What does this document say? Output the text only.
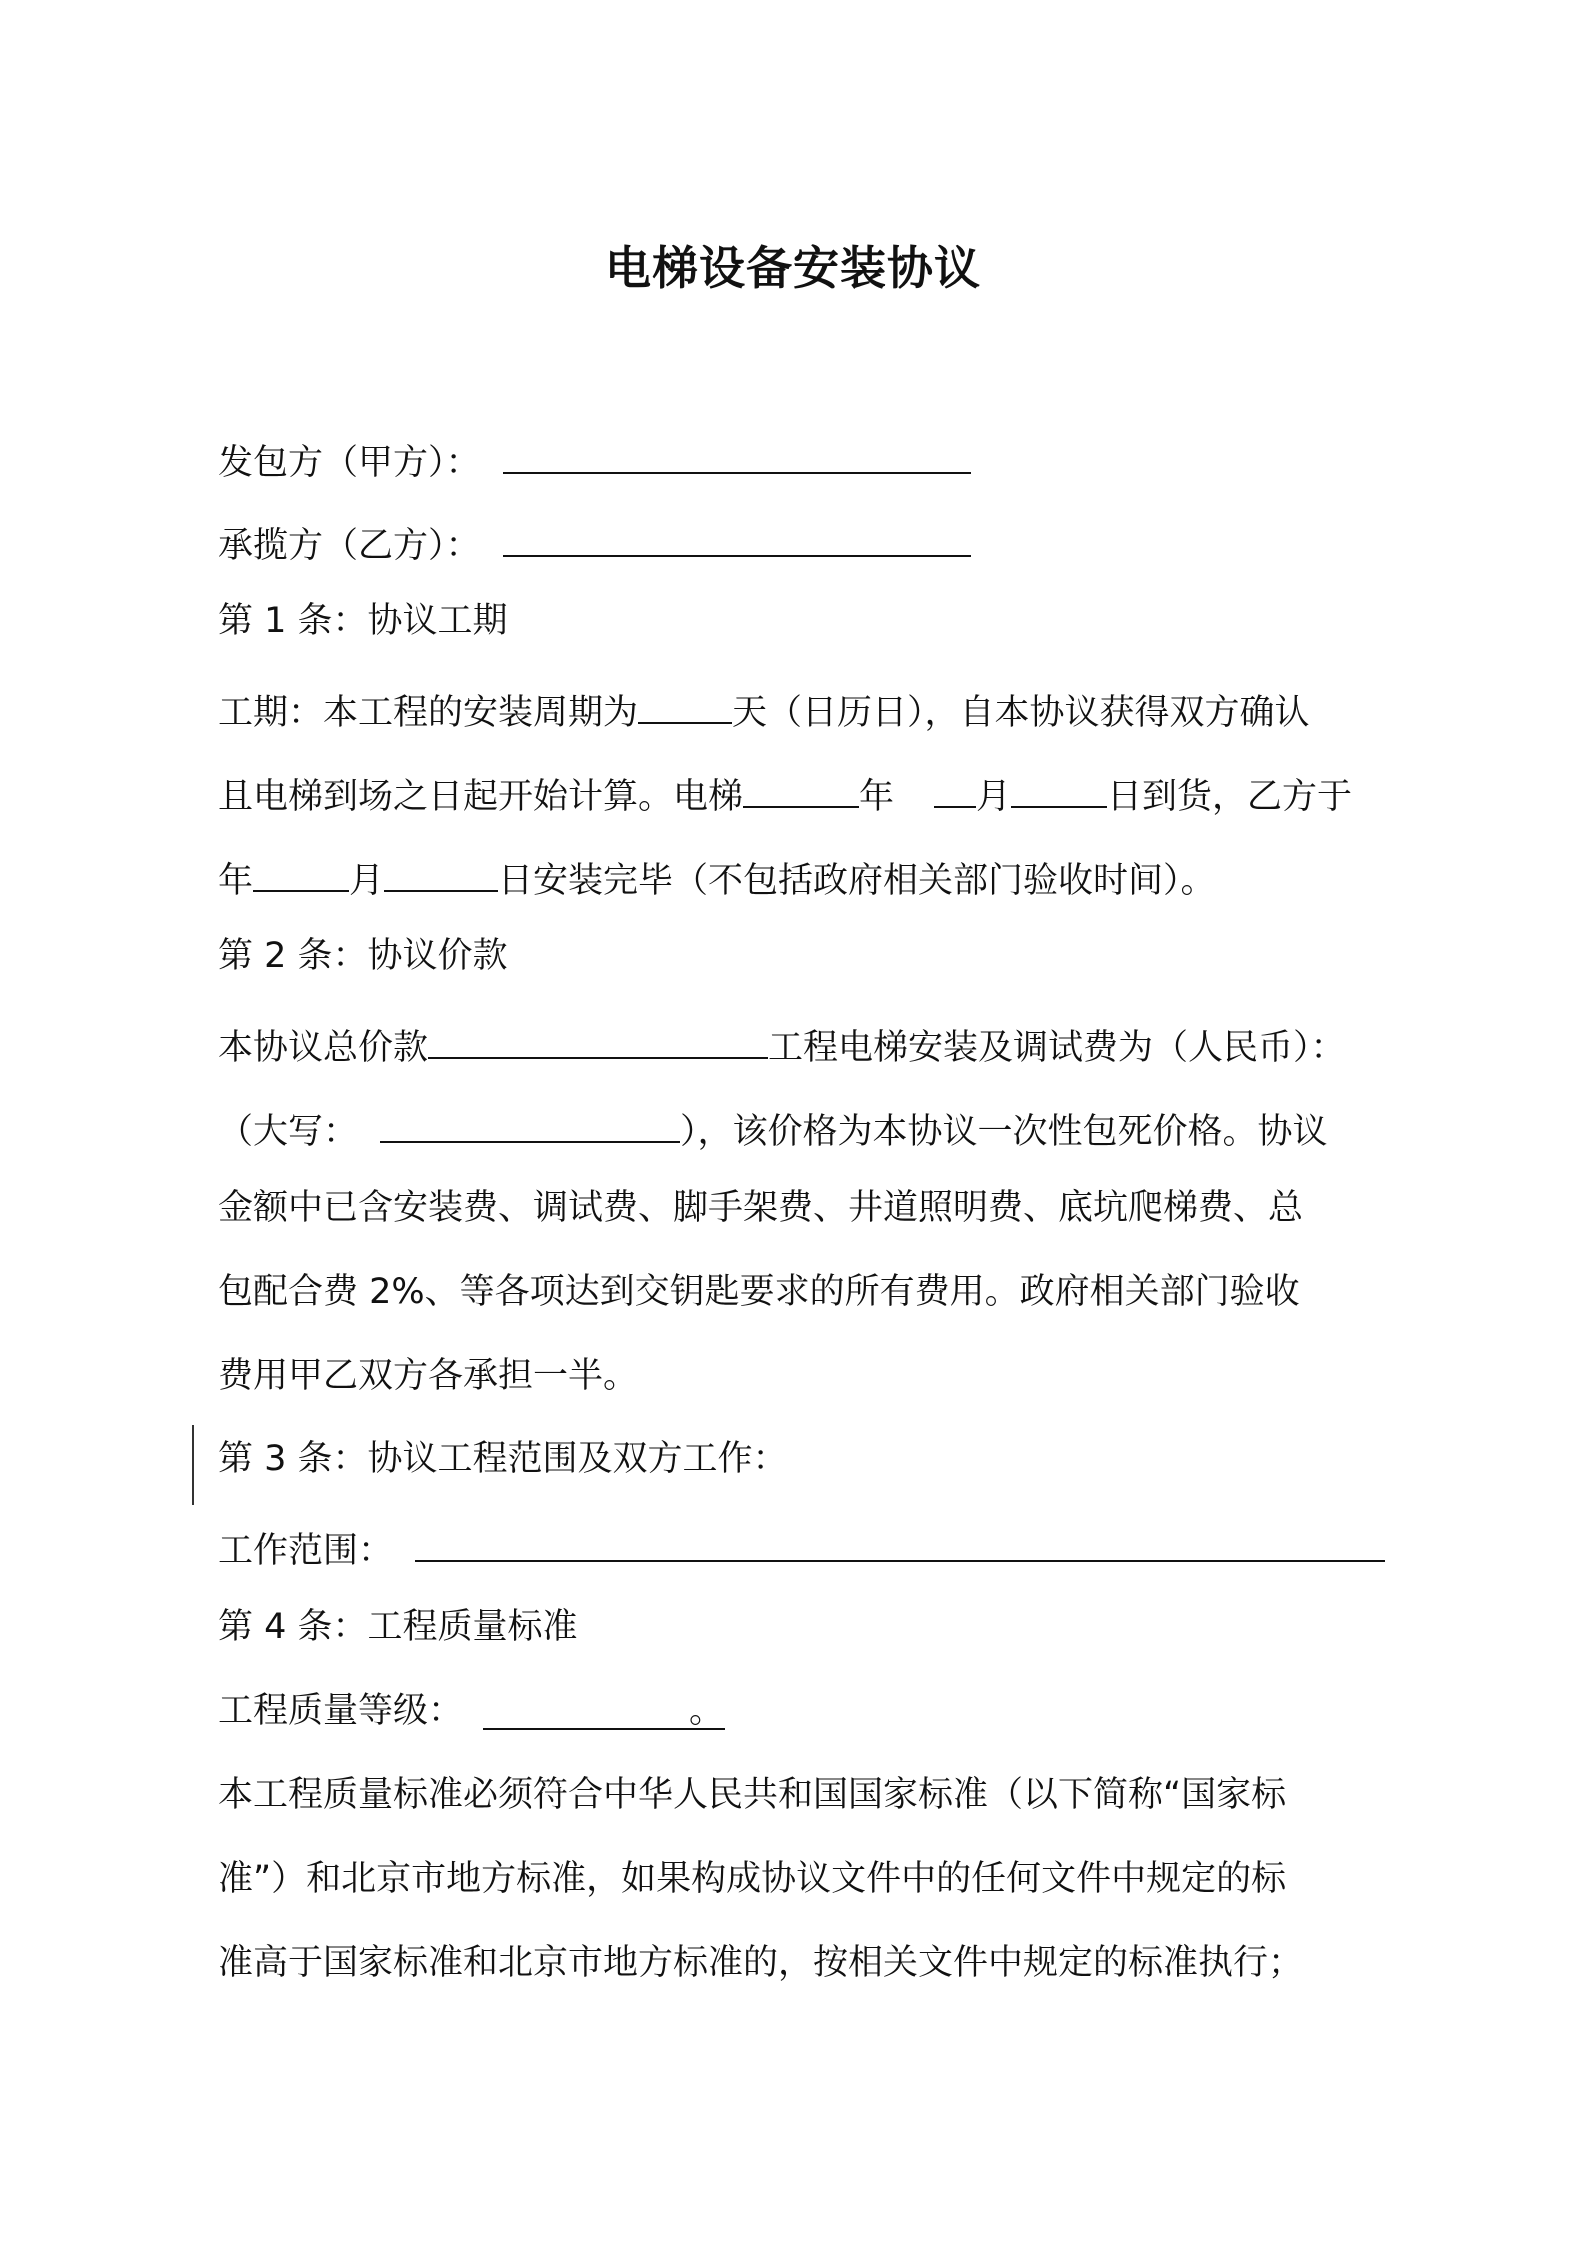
电梯设备安装协议
发包方（甲方）：
承揽方（乙方）：
第 1 条：协议工期
工期：本工程的安装周期为	天（日历日），自本协议获得双方确认
且电梯到场之日起开始计算。电梯	年 月	日到货，乙方于
年	月	日安装完毕（不包括政府相关部门验收时间）。
第 2 条：协议价款
本协议总价款	工程电梯安装及调试费为（人民币）：
（大写：	），该价格为本协议一次性包死价格。协议
金额中已含安装费、调试费、脚手架费、井道照明费、底坑爬梯费、总
包配合费 2%、等各项达到交钥匙要求的所有费用。政府相关部门验收
费用甲乙双方各承担一半。
第 3 条：协议工程范围及双方工作：
工作范围：
第 4 条：工程质量标准
工程质量等级：	。
本工程质量标准必须符合中华人民共和国国家标准（以下简称“国家标
准”）和北京市地方标准，如果构成协议文件中的任何文件中规定的标
准高于国家标准和北京市地方标准的，按相关文件中规定的标准执行；
